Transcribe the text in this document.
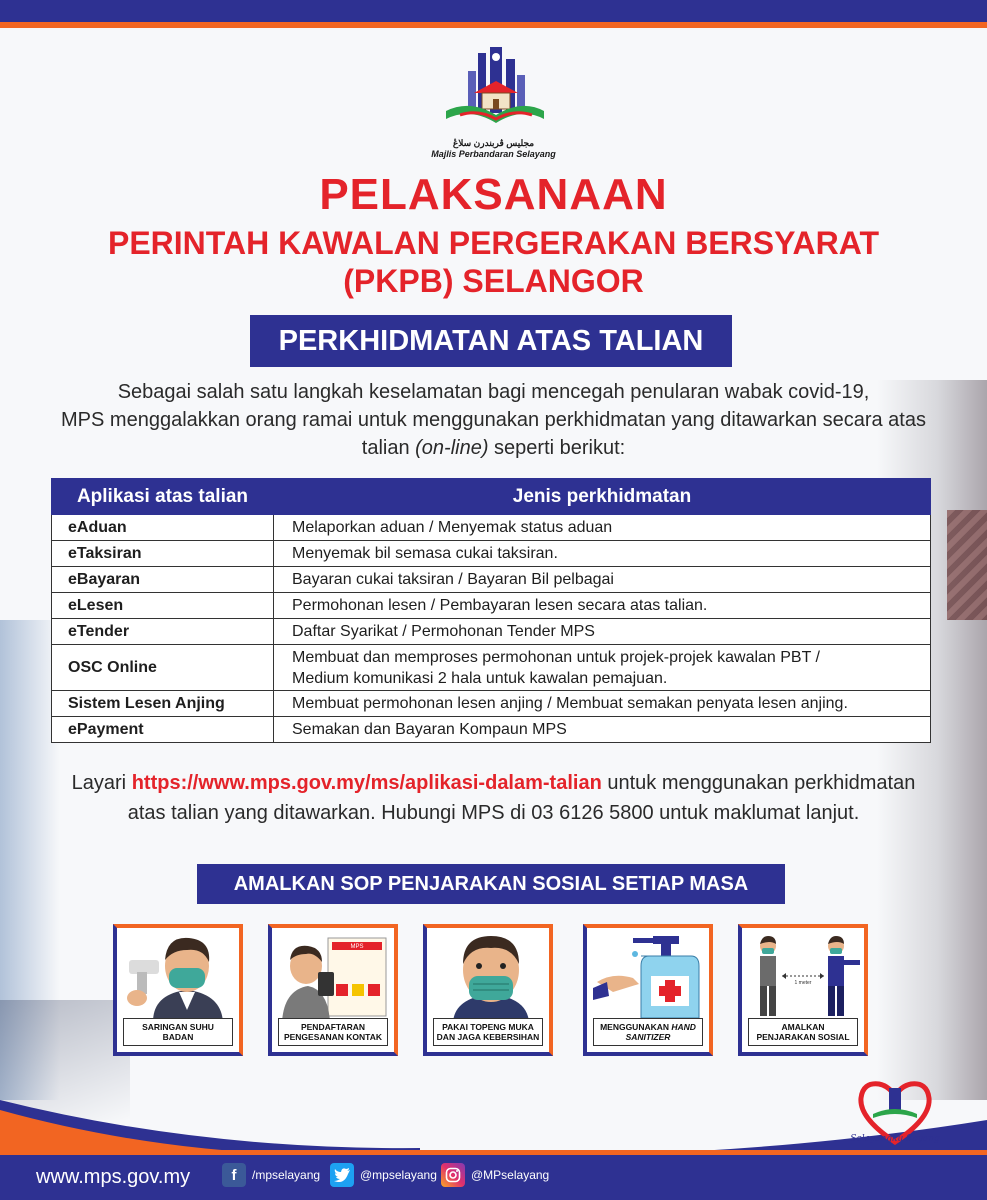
مجليس ڤربندرن سلاڠ
Majlis Perbandaran Selayang
PELAKSANAAN
PERINTAH KAWALAN PERGERAKAN BERSYARAT
(PKPB) SELANGOR
PERKHIDMATAN ATAS TALIAN
Sebagai salah satu langkah keselamatan bagi mencegah penularan wabak covid-19,
MPS menggalakkan orang ramai untuk menggunakan perkhidmatan yang ditawarkan secara atas
talian (on-line) seperti berikut:
Aplikasi atas talian	Jenis perkhidmatan
eAduan	Melaporkan aduan / Menyemak status aduan
eTaksiran	Menyemak bil semasa cukai taksiran.
eBayaran	Bayaran cukai taksiran / Bayaran Bil pelbagai
eLesen	Permohonan lesen / Pembayaran lesen secara atas talian.
eTender	Daftar Syarikat / Permohonan Tender MPS
OSC Online	Membuat dan memproses permohonan untuk projek-projek kawalan PBT /
Medium komunikasi 2 hala untuk kawalan pemajuan.

Sistem Lesen Anjing	Membuat permohonan lesen anjing / Membuat semakan penyata lesen anjing.
ePayment	Semakan dan Bayaran Kompaun MPS
Layari https://www.mps.gov.my/ms/aplikasi-dalam-talian untuk menggunakan perkhidmatan
atas talian yang ditawarkan. Hubungi MPS di 03 6126 5800 untuk maklumat lanjut.
AMALKAN SOP PENJARAKAN SOSIAL SETIAP MASA
SARINGAN SUHU BADAN
MPS
PENDAFTARAN PENGESANAN KONTAK
PAKAI TOPENG MUKA DAN JAGA KEBERSIHAN
MENGGUNAKAN HAND SANITIZER
1 meter
AMALKAN PENJARAKAN SOSIAL
www.mps.gov.my	f	/mpselayang	@mpselayang	@MPselayang
Selayangku Sayang
